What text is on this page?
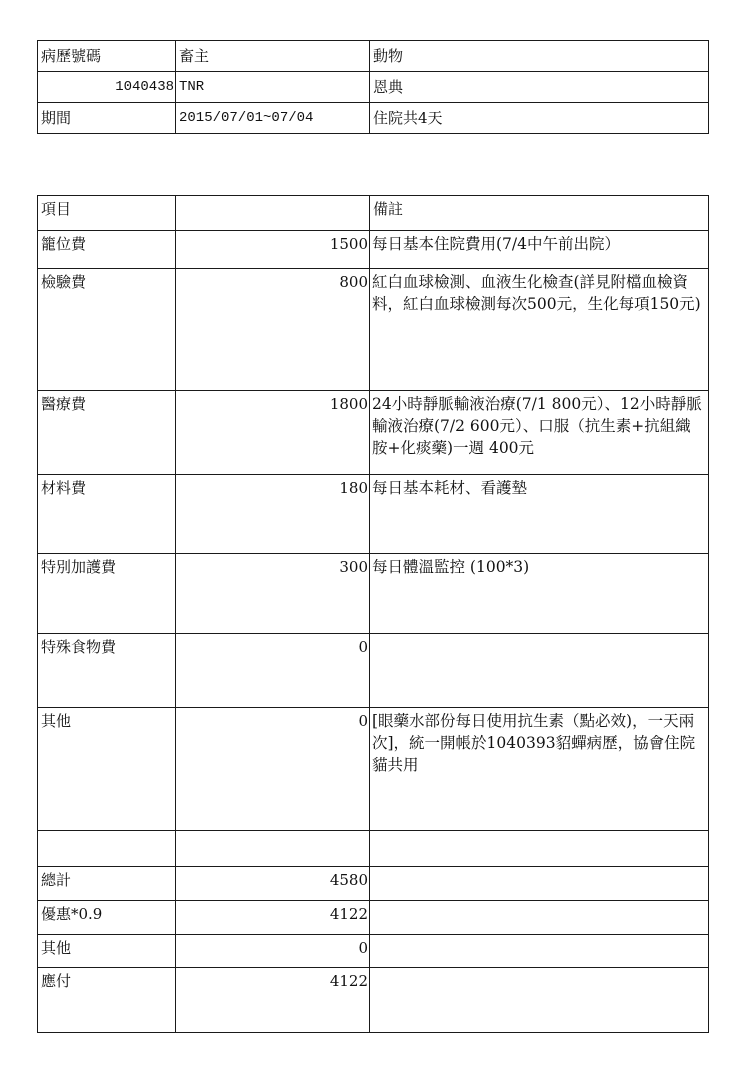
病歷號碼	畜主	動物
1040438	TNR	恩典
期間	2015/07/01~07/04	住院共4天
項目		備註
籠位費	1500	每日基本住院費用(7/4中午前出院）
檢驗費	800	紅白血球檢測、血液生化檢查(詳見附檔血檢資料，紅白血球檢測每次500元，生化每項150元)
醫療費	1800	24小時靜脈輸液治療(7/1 800元）、12小時靜脈輸液治療(7/2 600元）、口服（抗生素+抗組織胺+化痰藥)一週 400元
材料費	180	每日基本耗材、看護墊
特別加護費	300	每日體溫監控 (100*3)
特殊食物費	0	
其他	0	[眼藥水部份每日使用抗生素（點必效)，一天兩次]，統一開帳於1040393貂蟬病歷，協會住院貓共用

總計	4580	
優惠*0.9	4122	
其他	0	
應付	4122	
